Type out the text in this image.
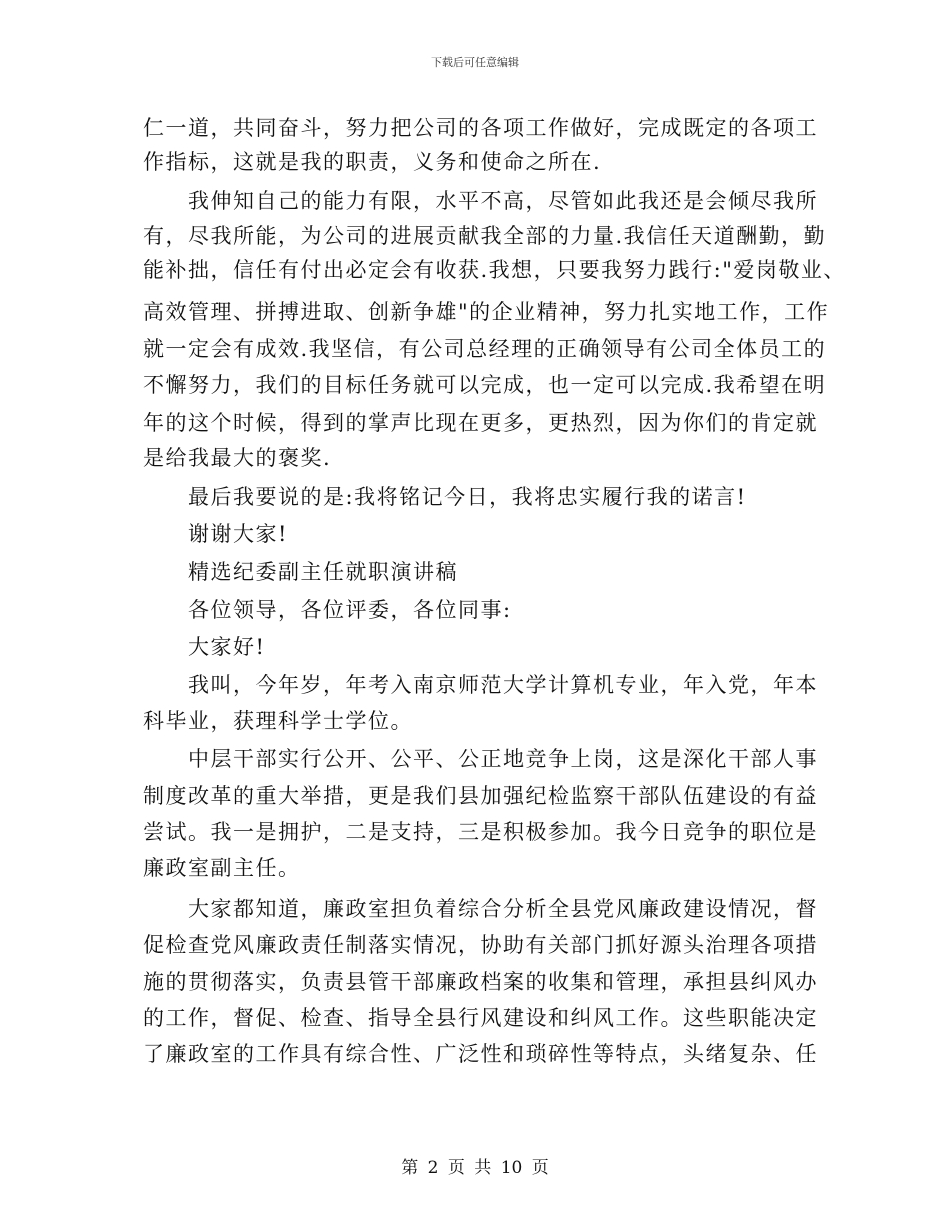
下载后可任意编辑
仁一道，共同奋斗，努力把公司的各项工作做好，完成既定的各项工
作指标，这就是我的职责，义务和使命之所在.
我伸知自己的能力有限，水平不高，尽管如此我还是会倾尽我所
有，尽我所能，为公司的进展贡献我全部的力量.我信任天道酬勤，勤
能补拙，信任有付出必定会有收获.我想，只要我努力践行:"爱岗敬业、
高效管理、拼搏进取、创新争雄"的企业精神，努力扎实地工作，工作
就一定会有成效.我坚信，有公司总经理的正确领导有公司全体员工的
不懈努力，我们的目标任务就可以完成，也一定可以完成.我希望在明
年的这个时候，得到的掌声比现在更多，更热烈，因为你们的肯定就
是给我最大的褒奖.
最后我要说的是:我将铭记今日，我将忠实履行我的诺言!
谢谢大家!
精选纪委副主任就职演讲稿
各位领导，各位评委，各位同事:
大家好!
我叫，今年岁，年考入南京师范大学计算机专业，年入党，年本
科毕业，获理科学士学位。
中层干部实行公开、公平、公正地竞争上岗，这是深化干部人事
制度改革的重大举措，更是我们县加强纪检监察干部队伍建设的有益
尝试。我一是拥护，二是支持，三是积极参加。我今日竞争的职位是
廉政室副主任。
大家都知道，廉政室担负着综合分析全县党风廉政建设情况，督
促检查党风廉政责任制落实情况，协助有关部门抓好源头治理各项措
施的贯彻落实，负责县管干部廉政档案的收集和管理，承担县纠风办
的工作，督促、检查、指导全县行风建设和纠风工作。这些职能决定
了廉政室的工作具有综合性、广泛性和琐碎性等特点，头绪复杂、任
第 2 页 共 10 页
